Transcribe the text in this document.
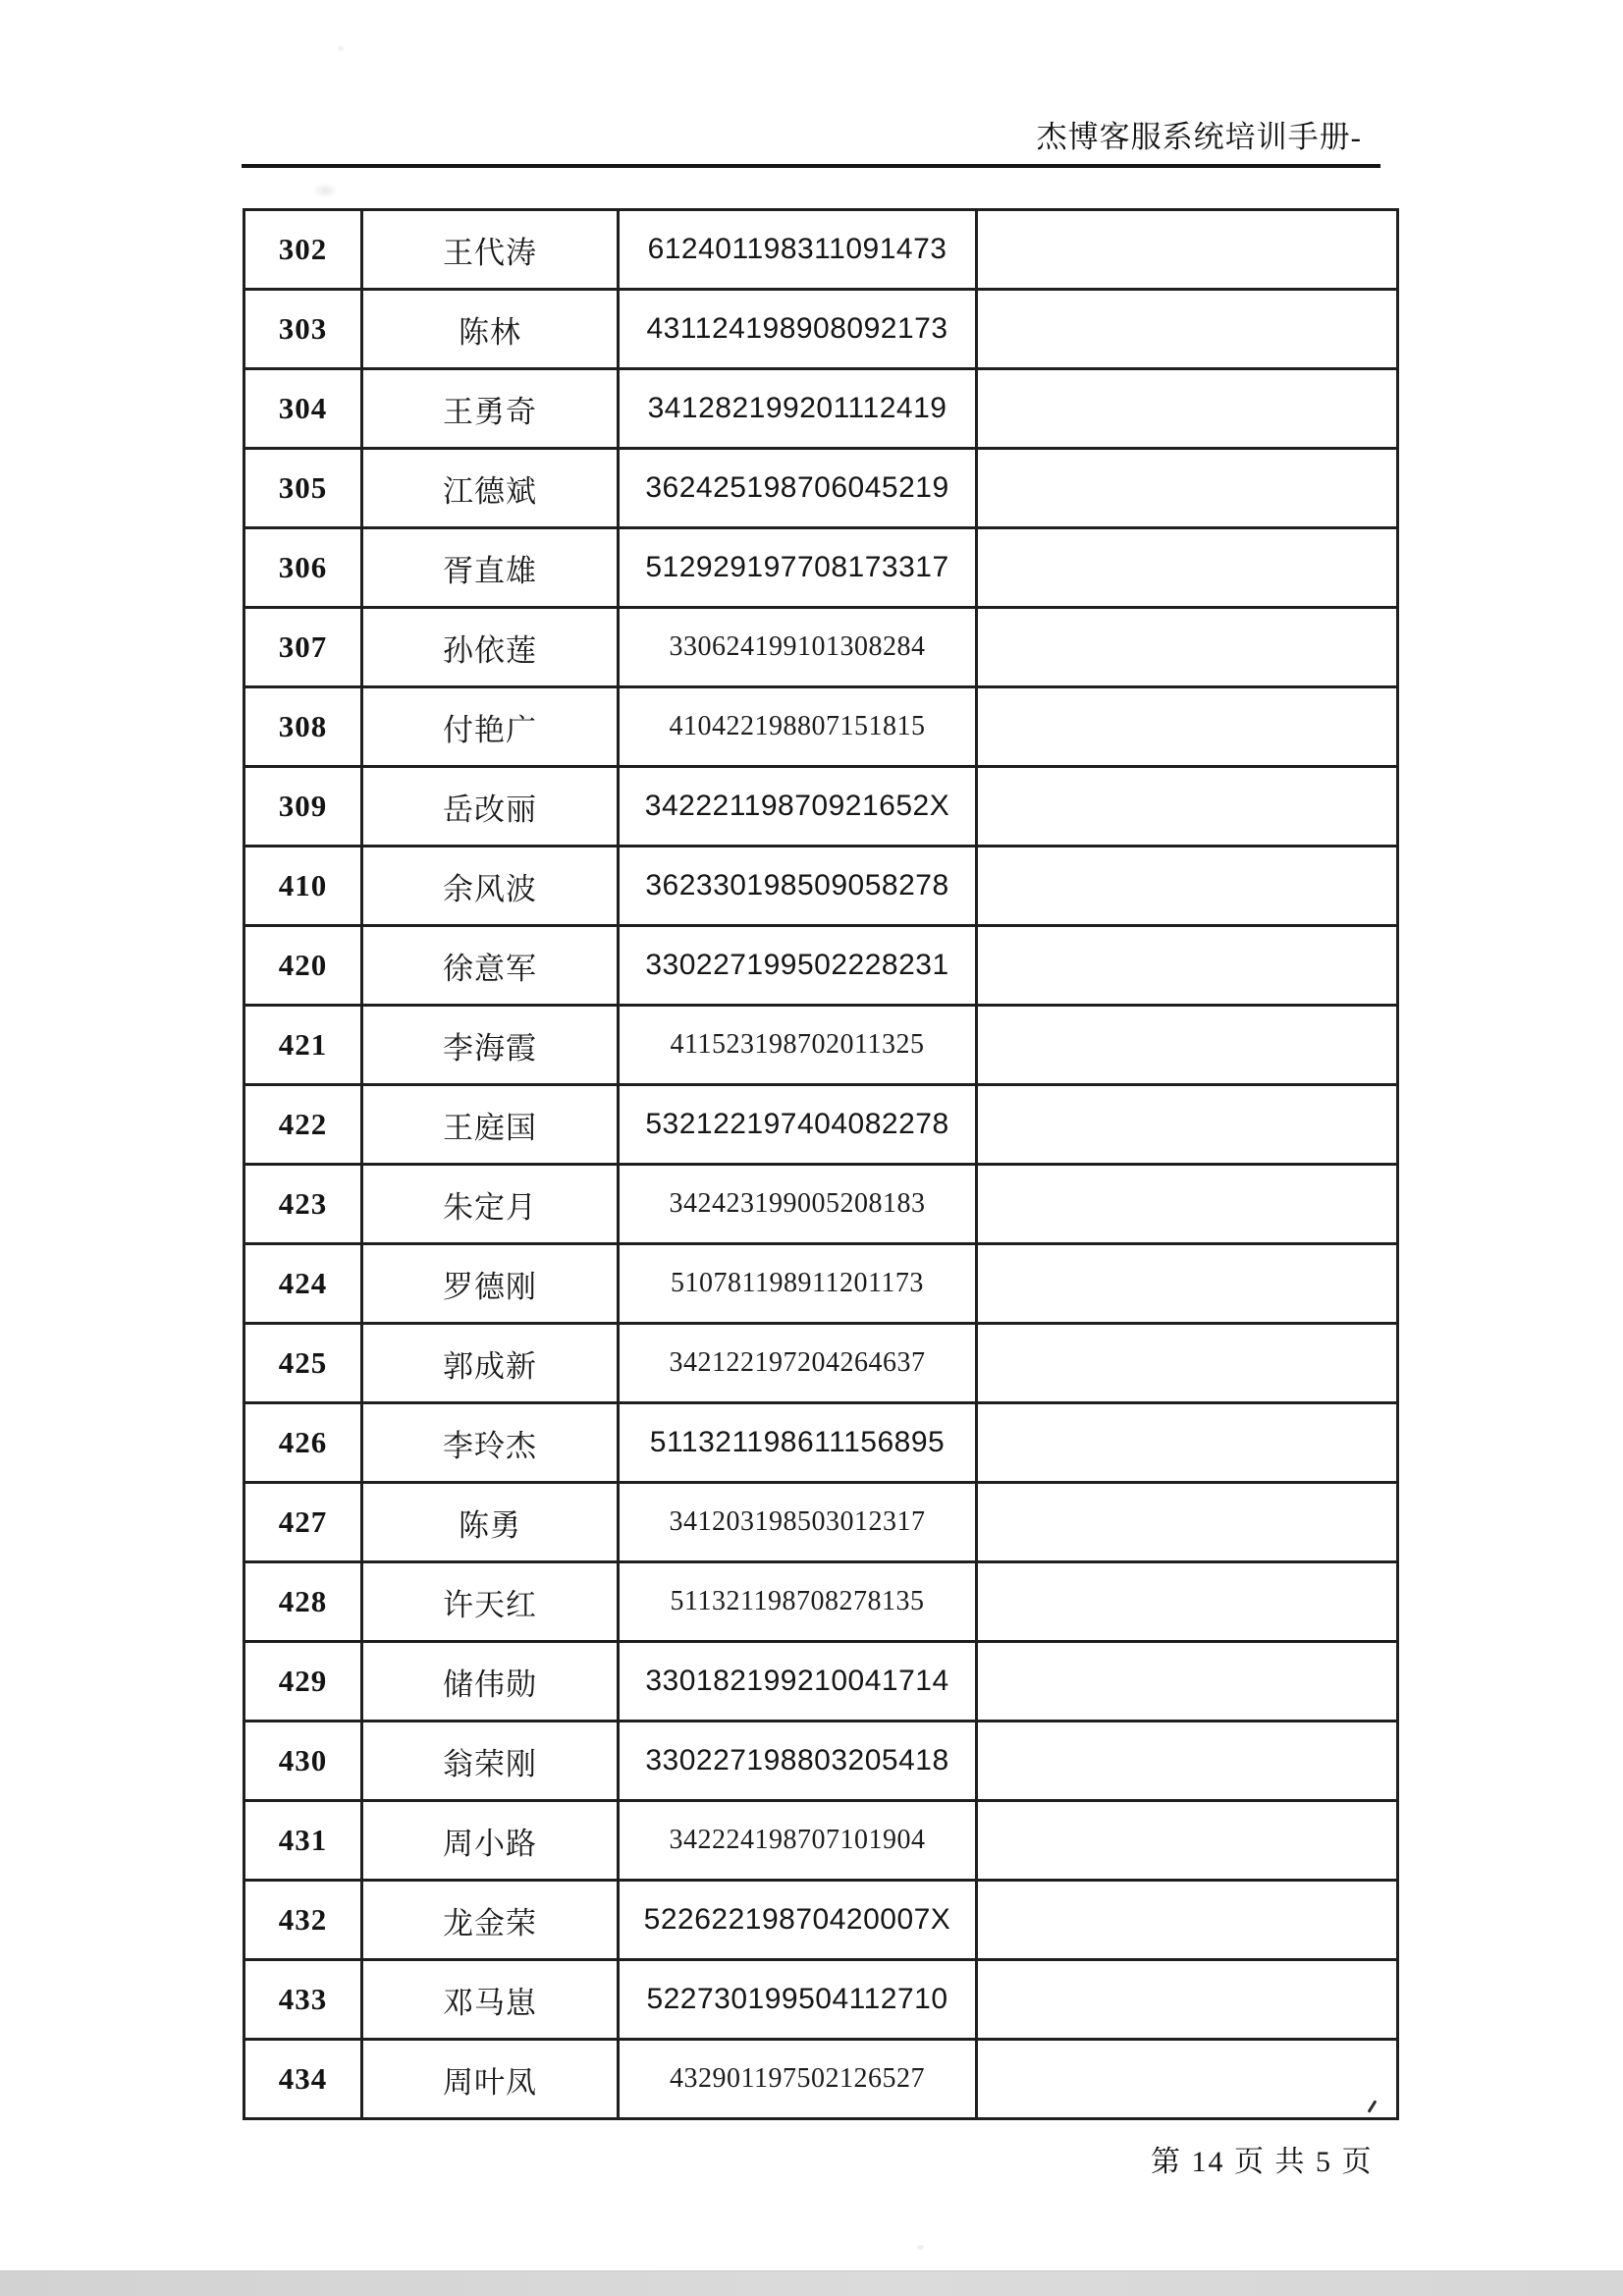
杰博客服系统培训手册-
302	王代涛	612401198311091473	
303	陈林	431124198908092173	
304	王勇奇	341282199201112419	
305	江德斌	362425198706045219	
306	胥直雄	512929197708173317	
307	孙依莲	330624199101308284	
308	付艳广	410422198807151815	
309	岳改丽	34222119870921652X	
410	余风波	362330198509058278	
420	徐意军	330227199502228231	
421	李海霞	411523198702011325	
422	王庭国	532122197404082278	
423	朱定月	342423199005208183	
424	罗德刚	510781198911201173	
425	郭成新	342122197204264637	
426	李玲杰	511321198611156895	
427	陈勇	341203198503012317	
428	许天红	511321198708278135	
429	储伟勋	330182199210041714	
430	翁荣刚	330227198803205418	
431	周小路	342224198707101904	
432	龙金荣	52262219870420007X	
433	邓马崽	522730199504112710	
434	周叶凤	432901197502126527	
第 14 页 共 5 页
